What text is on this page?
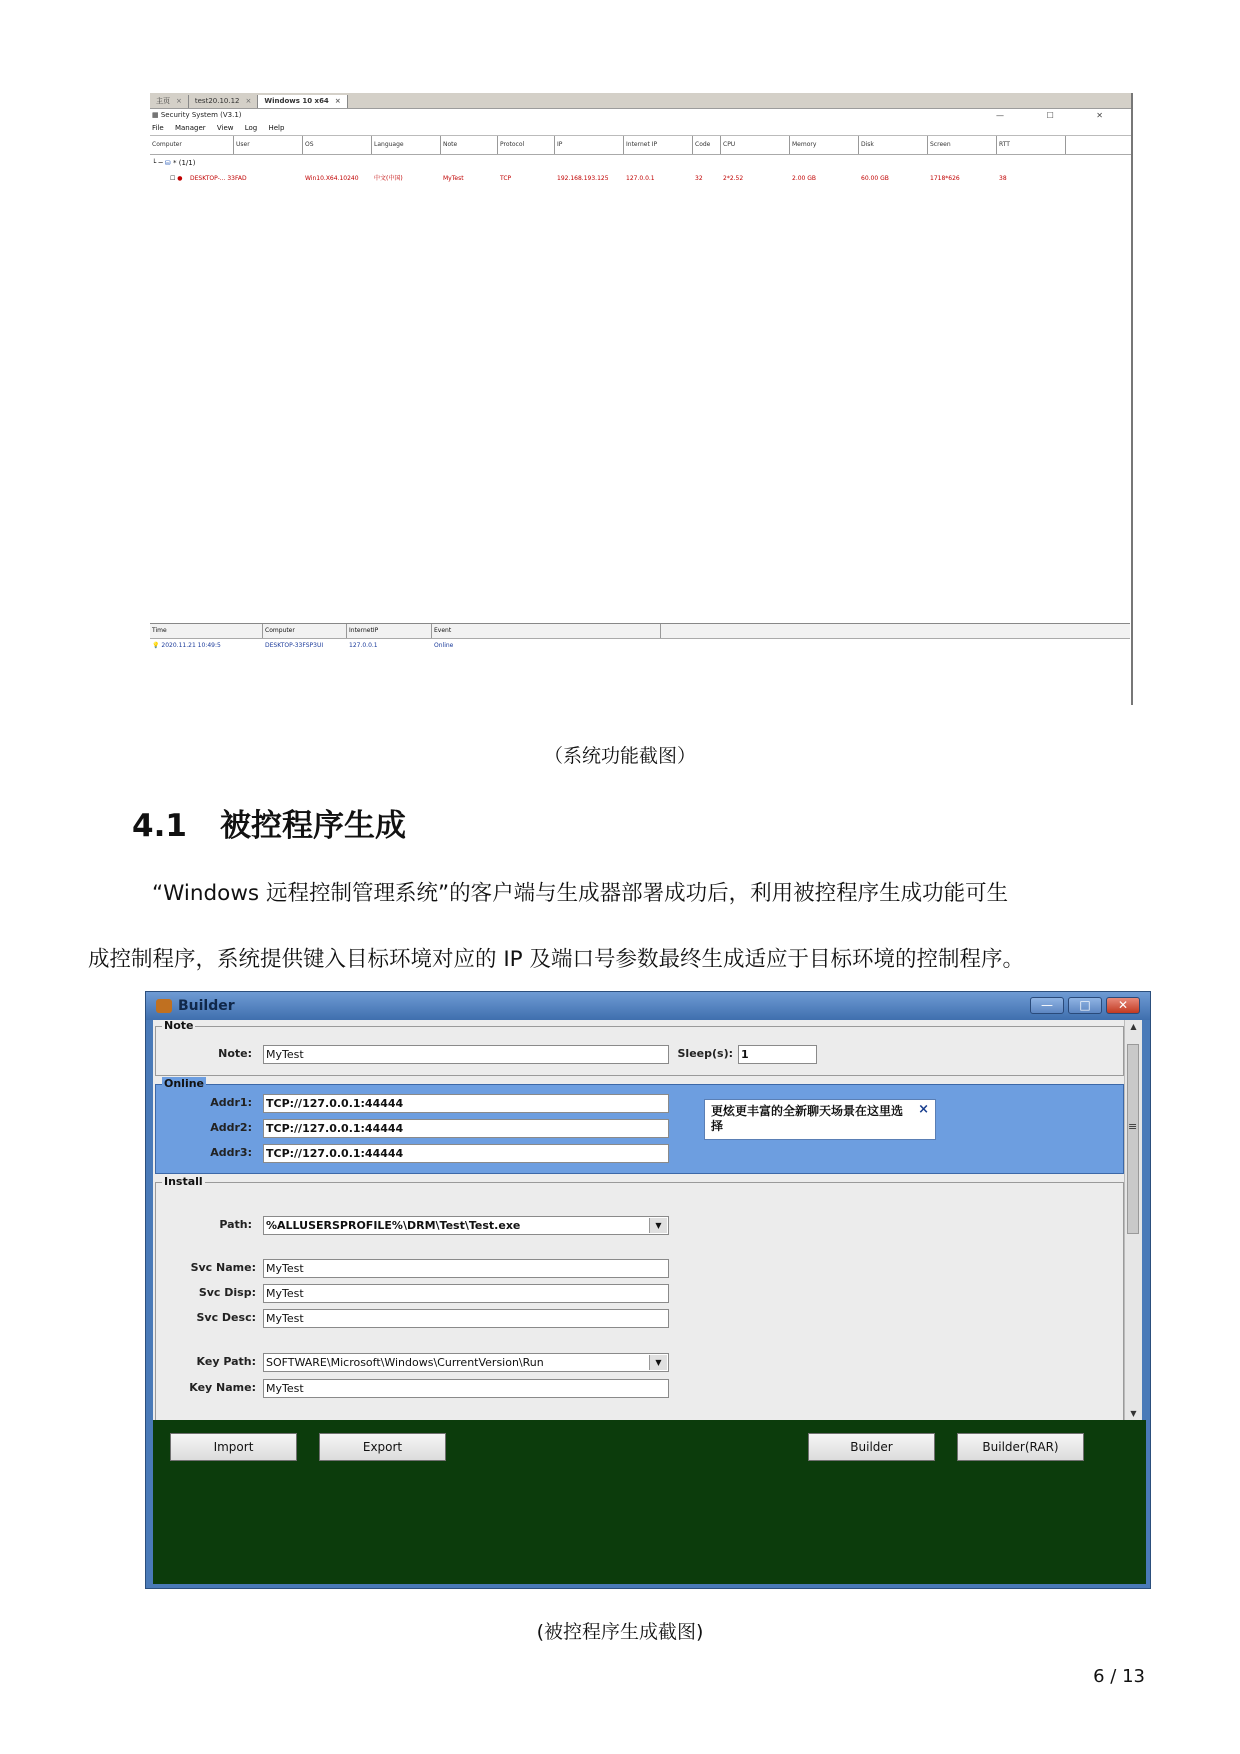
主页 ×	test20.10.12 ×	Windows 10 x64 ×
▦ Security System (V3.1)	— ☐ ✕
File Manager View Log Help
Computer	User	OS	Language	Note	Protocol	IP	Internet IP	Code	CPU	Memory	Disk	Screen	RTT
└ ─ ⛁ * (1/1)
☐ ●	DESKTOP-... 33FAD	Win10.X64.10240	中文(中国)	MyTest	TCP	192.168.193.125	127.0.0.1	32	2*2.52	2.00 GB	60.00 GB	1718*626	38
Time	Computer	InternetIP	Event
💡 2020.11.21 10:49:5	DESKTOP-33FSP3UI	127.0.0.1	Online
（系统功能截图）
4.1 被控程序生成
“Windows 远程控制管理系统”的客户端与生成器部署成功后，利用被控程序生成功能可生
成控制程序，系统提供键入目标环境对应的 IP 及端口号参数最终生成适应于目标环境的控制程序。
Builder	—	□	✕
Note
Note: MyTest	Sleep(s): 1
Online
Addr1: TCP://127.0.0.1:44444
Addr2: TCP://127.0.0.1:44444
Addr3: TCP://127.0.0.1:44444
Install
Path: %ALLUSERSPROFILE%\DRM\Test\Test.exe	▼
Svc Name: MyTest
Svc Disp: MyTest
Svc Desc: MyTest
Key Path: SOFTWARE\Microsoft\Windows\CurrentVersion\Run	▼
Key Name: MyTest
更炫更丰富的全新聊天场景在这里选择
×
▲
≡
▼
Import	Export	Builder	Builder(RAR)
(被控程序生成截图)
6 / 13
